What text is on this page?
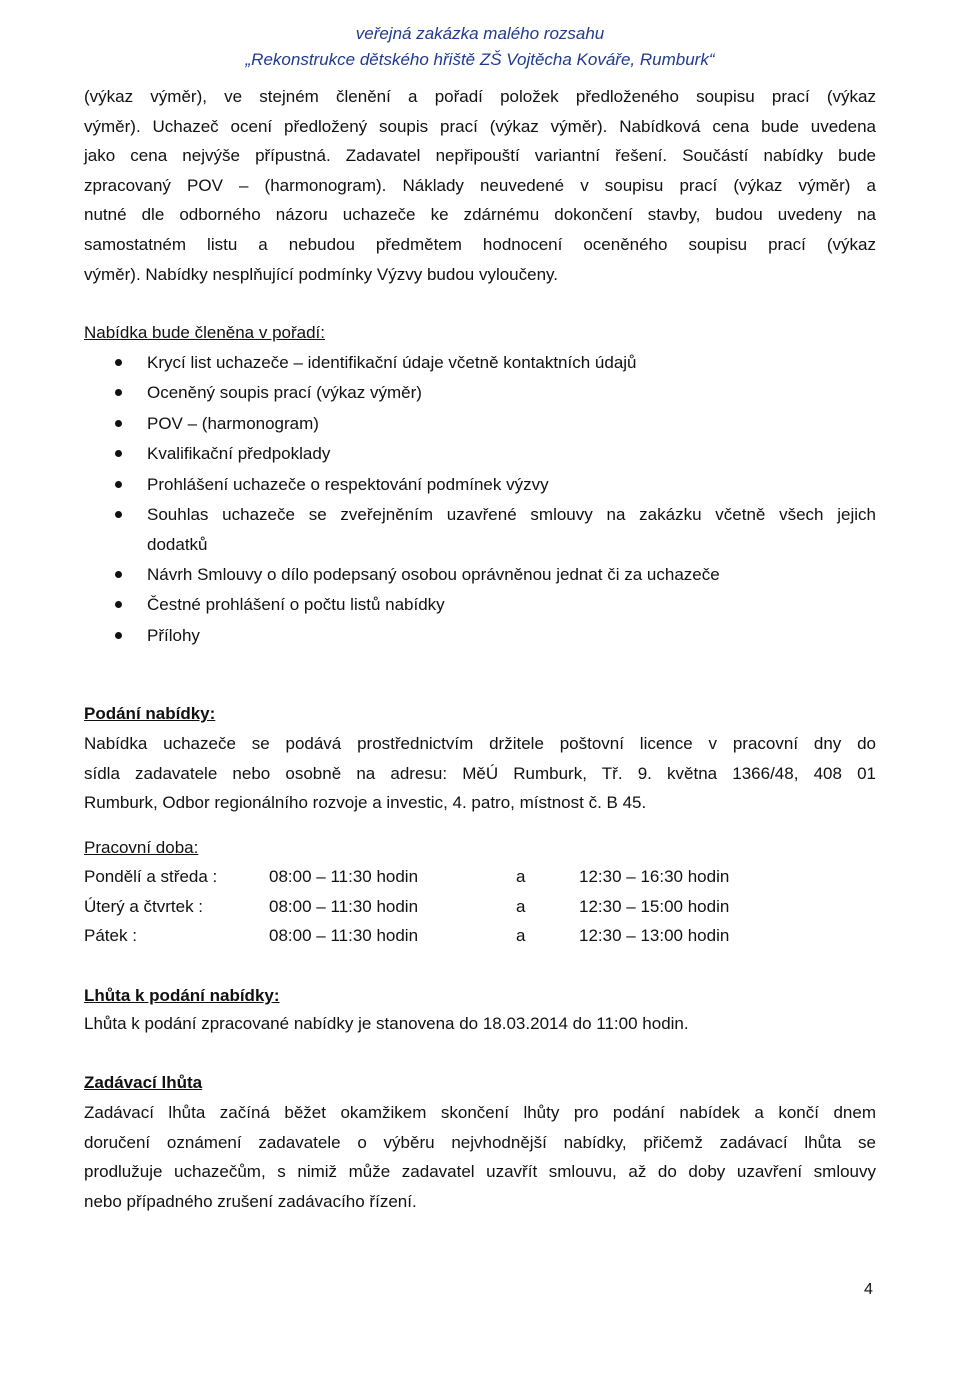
veřejná zakázka malého rozsahu
„Rekonstrukce dětského hřiště ZŠ Vojtěcha Kováře, Rumburk“
(výkaz výměr), ve stejném členění a pořadí položek předloženého soupisu prací (výkaz
výměr). Uchazeč ocení předložený soupis prací (výkaz výměr). Nabídková cena bude uvedena
jako cena nejvýše přípustná. Zadavatel nepřipouští variantní řešení. Součástí nabídky bude
zpracovaný POV – (harmonogram). Náklady neuvedené v soupisu prací (výkaz výměr) a
nutné dle odborného názoru uchazeče ke zdárnému dokončení stavby, budou uvedeny na
samostatném listu a nebudou předmětem hodnocení oceněného soupisu prací (výkaz
výměr). Nabídky nesplňující podmínky Výzvy budou vyloučeny.
Nabídka bude členěna v pořadí:
Krycí list uchazeče – identifikační údaje včetně kontaktních údajů
Oceněný soupis prací (výkaz výměr)
POV – (harmonogram)
Kvalifikační předpoklady
Prohlášení uchazeče o respektování podmínek výzvy
Souhlas uchazeče se zveřejněním uzavřené smlouvy na zakázku včetně všech jejich
dodatků
Návrh Smlouvy o dílo podepsaný osobou oprávněnou jednat či za uchazeče
Čestné prohlášení o počtu listů nabídky
Přílohy
Podání nabídky:
Nabídka uchazeče se podává prostřednictvím držitele poštovní licence v pracovní dny do
sídla zadavatele nebo osobně na adresu: MěÚ Rumburk, Tř. 9. května 1366/48, 408 01
Rumburk, Odbor regionálního rozvoje a investic, 4. patro, místnost č. B 45.
Pracovní doba:
Pondělí a středa :	08:00 – 11:30 hodin	a	12:30 – 16:30 hodin
Úterý a čtvrtek :	08:00 – 11:30 hodin	a	12:30 – 15:00 hodin
Pátek :	08:00 – 11:30 hodin	a	12:30 – 13:00 hodin
Lhůta k podání nabídky:
Lhůta k podání zpracované nabídky je stanovena do 18.03.2014 do 11:00 hodin.
Zadávací lhůta
Zadávací lhůta začíná běžet okamžikem skončení lhůty pro podání nabídek a končí dnem
doručení oznámení zadavatele o výběru nejvhodnější nabídky, přičemž zadávací lhůta se
prodlužuje uchazečům, s nimiž může zadavatel uzavřít smlouvu, až do doby uzavření smlouvy
nebo případného zrušení zadávacího řízení.
4
